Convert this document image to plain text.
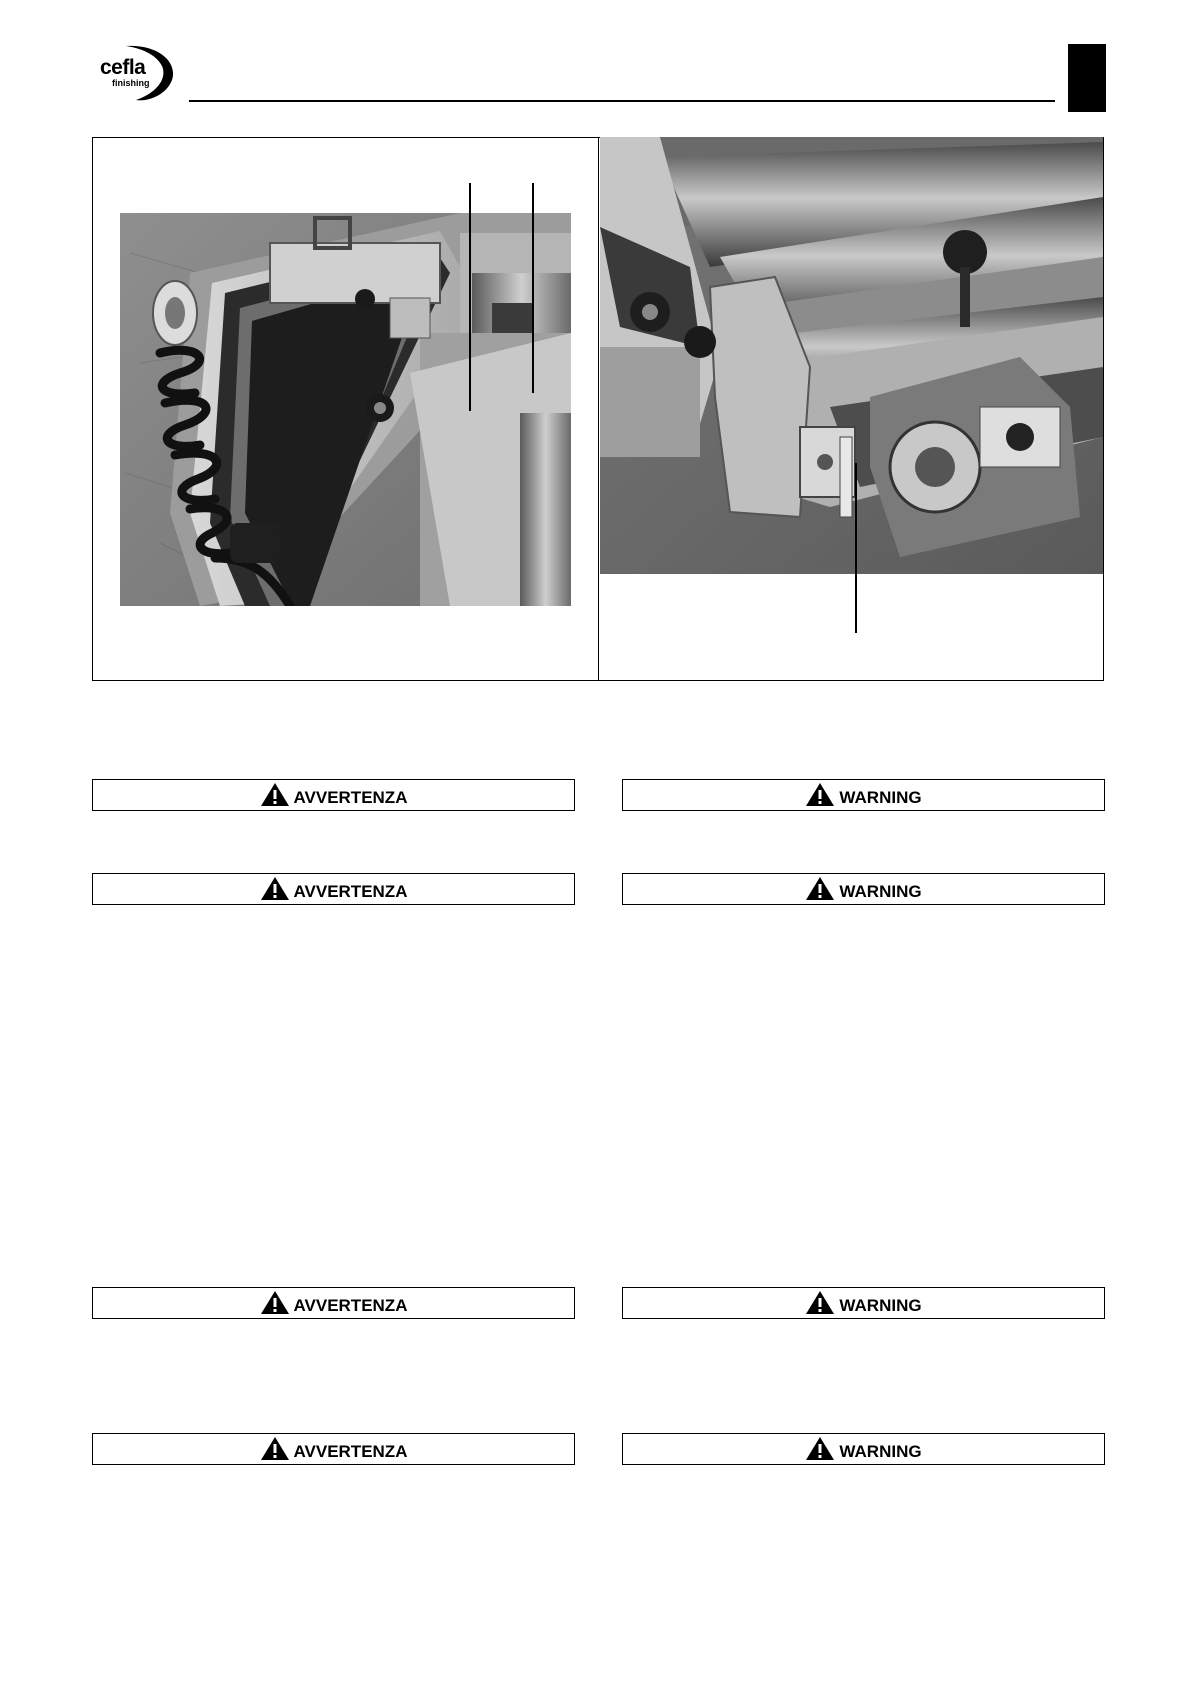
cefla
finishing
AVVERTENZA	WARNING
AVVERTENZA	WARNING
AVVERTENZA	WARNING
AVVERTENZA	WARNING
